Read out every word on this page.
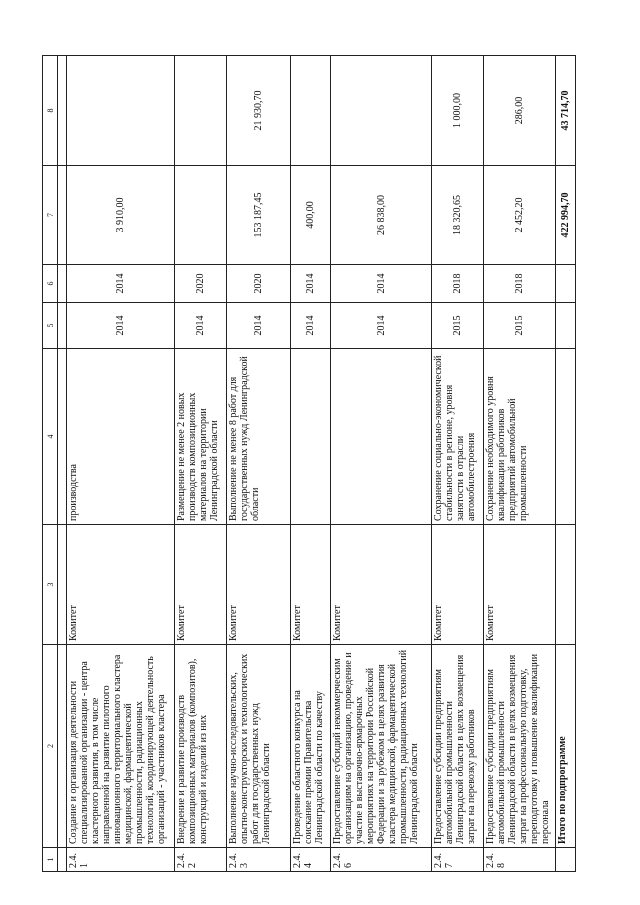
1	2	3	4	5	6	7	8

2.4.1	Создание и организация деятельности специализированной организации - центра кластерного развития, в том числе направленной на развитие пилотного инновационного территориального кластера медицинской, фармацевтической промышленности, радиационных технологий, координирующей деятельность организаций - участников кластера	Комитет	производства	2014	2014	3 910,00	
2.4.2	Внедрение и развитие производств композиционных материалов (композитов), конструкций и изделий из них	Комитет	Размещение не менее 2 новых производств композиционных материалов на территории Ленинградской области	2014	2020		
2.4.3	Выполнение научно-исследовательских, опытно-конструкторских и технологических работ для государственных нужд Ленинградской области	Комитет	Выполнение не менее 8 работ для государственных нужд Ленинградской области	2014	2020	153 187,45	21 930,70
2.4.4	Проведение областного конкурса на соискание премии Правительства Ленинградской области по качеству	Комитет		2014	2014	400,00	
2.4.6	Предоставление субсидий некоммерческим организациям на организацию, проведение и участие в выставочно-ярмарочных мероприятиях на территории Российской Федерации и за рубежом в целях развития кластера медицинской, фармацевтической промышленности, радиационных технологий Ленинградской области	Комитет		2014	2014	26 838,00	
2.4.7	Предоставление субсидии предприятиям автомобильной промышленности Ленинградской области в целях возмещения затрат на перевозку работников	Комитет	Сохранение социально-экономической стабильности в регионе, уровня занятости в отрасли автомобилестроения	2015	2018	18 320,65	1 000,00
2.4.8	Предоставление субсидии предприятиям автомобильной промышленности Ленинградской области в целях возмещения затрат на профессиональную подготовку, переподготовку и повышение квалификации персонала	Комитет	Сохранение необходимого уровня квалификации работников предприятий автомобильной промышленности	2015	2018	2 452,20	286,00
	Итого по подпрограмме					422 994,70	43 714,70
